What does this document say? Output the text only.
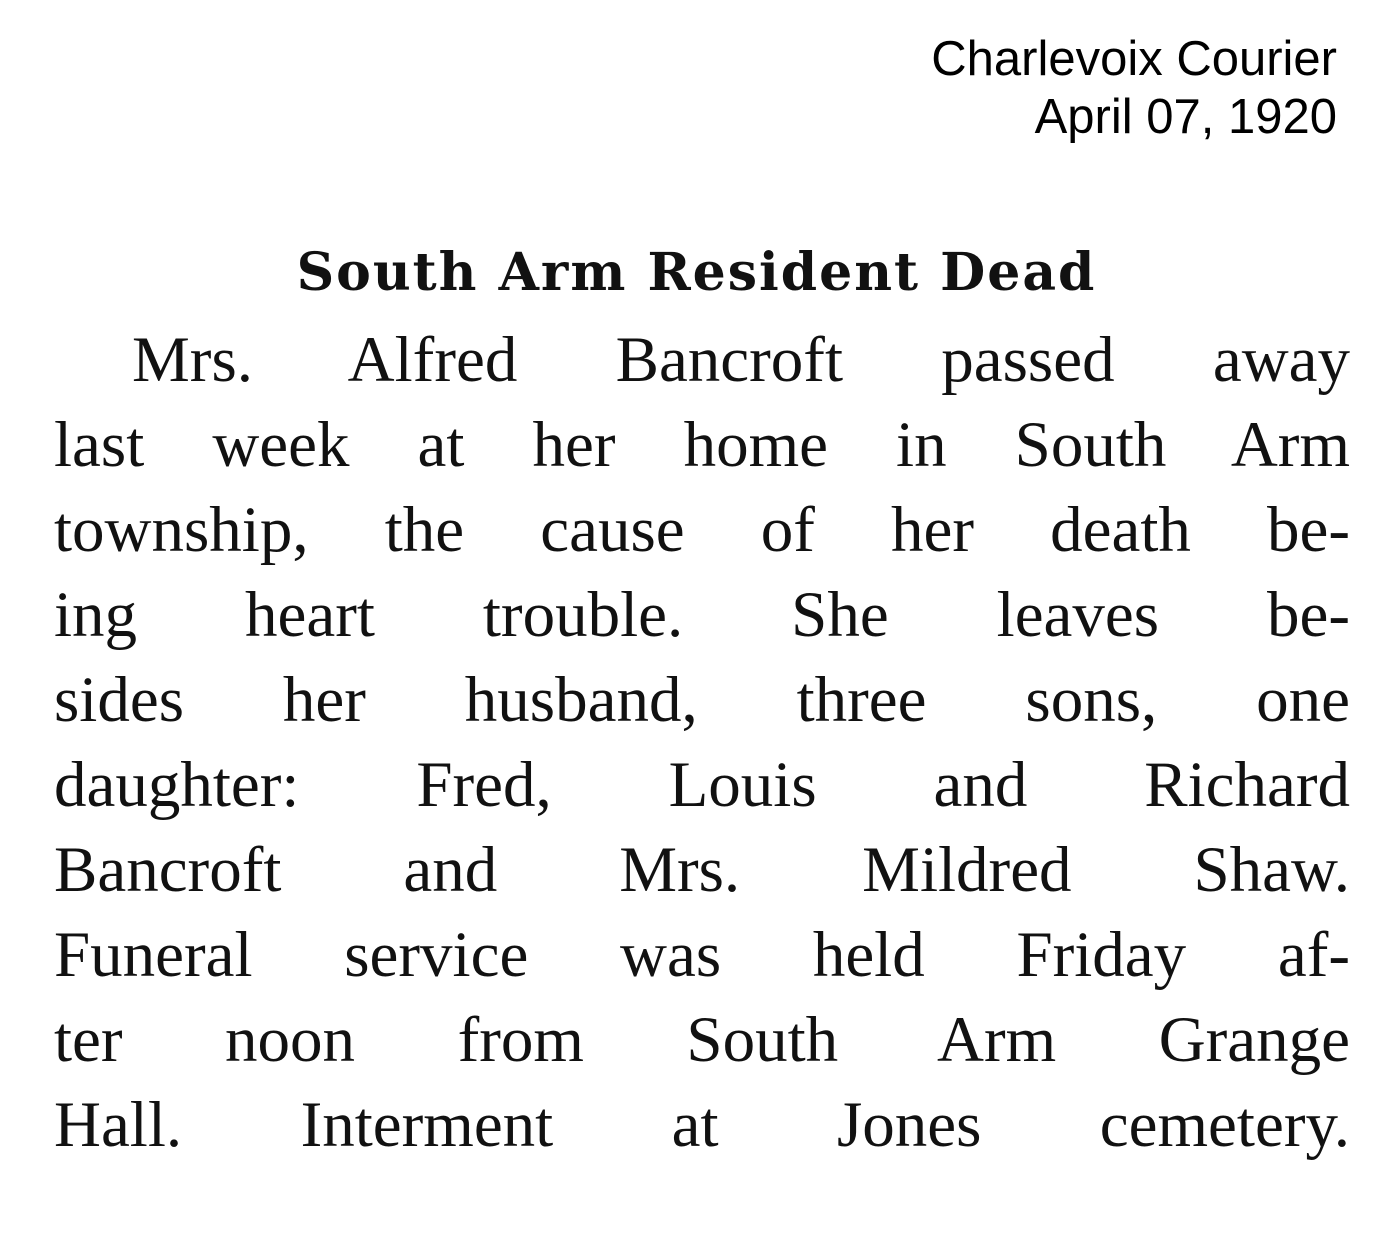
Charlevoix Courier
April 07, 1920
South Arm Resident Dead
Mrs. Alfred Bancroft passed away
last week at her home in South Arm
township, the cause of her death be-
ing heart trouble. She leaves be-
sides her husband, three sons, one
daughter: Fred, Louis and Richard
Bancroft and Mrs. Mildred Shaw.
Funeral service was held Friday af-
ter noon from South Arm Grange
Hall. Interment at Jones cemetery.
